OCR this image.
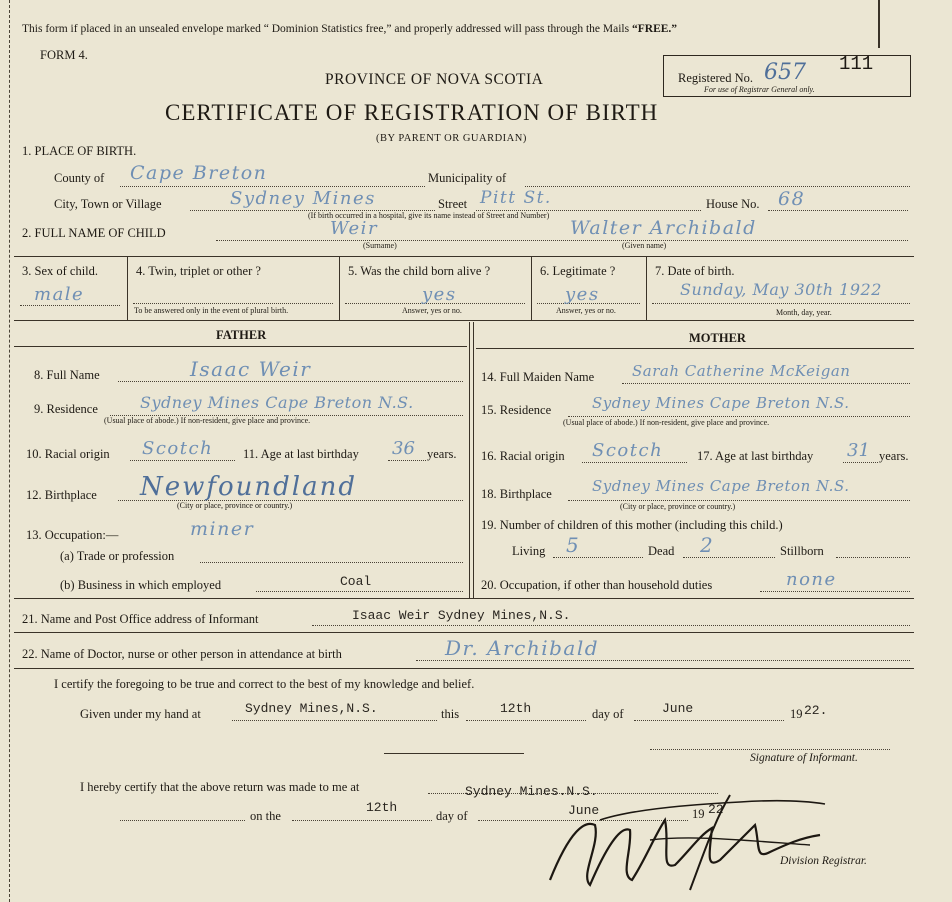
This form if placed in an unsealed envelope marked “ Dominion Statistics free,” and properly addressed will pass through the Mails “FREE.”
FORM 4.
PROVINCE OF NOVA SCOTIA
CERTIFICATE OF REGISTRATION OF BIRTH
(BY PARENT OR GUARDIAN)
Registered No. 657 111
For use of Registrar General only.
1. PLACE OF BIRTH.
County of Cape Breton	Municipality of
City, Town or Village	Sydney Mines	Street Pitt St.	House No. 68
(If birth occurred in a hospital, give its name instead of Street and Number)
2. FULL NAME OF CHILD	Weir	Walter Archibald
(Surname)	(Given name)
3. Sex of child.
male
4. Twin, triplet or other ?
To be answered only in the event of plural birth.
5. Was the child born alive ?
yes
Answer, yes or no.
6. Legitimate ?
yes
Answer, yes or no.
7. Date of birth.
Sunday, May 30th 1922
Month, day, year.
FATHER	MOTHER
8. Full Name	Isaac Weir
9. Residence	Sydney Mines Cape Breton N.S.
(Usual place of abode.) If non-resident, give place and province.
10. Racial origin Scotch 11. Age at last birthday 36 years.
12. Birthplace Newfoundland
(City or place, province or country.)
13. Occupation:—	miner
(a) Trade or profession
(b) Business in which employed	Coal
14. Full Maiden Name	Sarah Catherine McKeigan
15. Residence	Sydney Mines Cape Breton N.S.
(Usual place of abode.) If non-resident, give place and province.
16. Racial origin Scotch	17. Age at last birthday 31 years.
18. Birthplace	Sydney Mines Cape Breton N.S.
(City or place, province or country.)
19. Number of children of this mother (including this child.)
Living 5	Dead 2	Stillborn
20. Occupation, if other than household duties	none
21. Name and Post Office address of Informant	Isaac Weir Sydney Mines,N.S.
22. Name of Doctor, nurse or other person in attendance at birth	Dr. Archibald
I certify the foregoing to be true and correct to the best of my knowledge and belief.
Given under my hand at	Sydney Mines,N.S.	this	12th	day of	June	19 22.
Signature of Informant.
I hereby certify that the above return was made to me at	Sydney Mines.N.S.
on the
12th
day of	June	19 22
Division Registrar.
